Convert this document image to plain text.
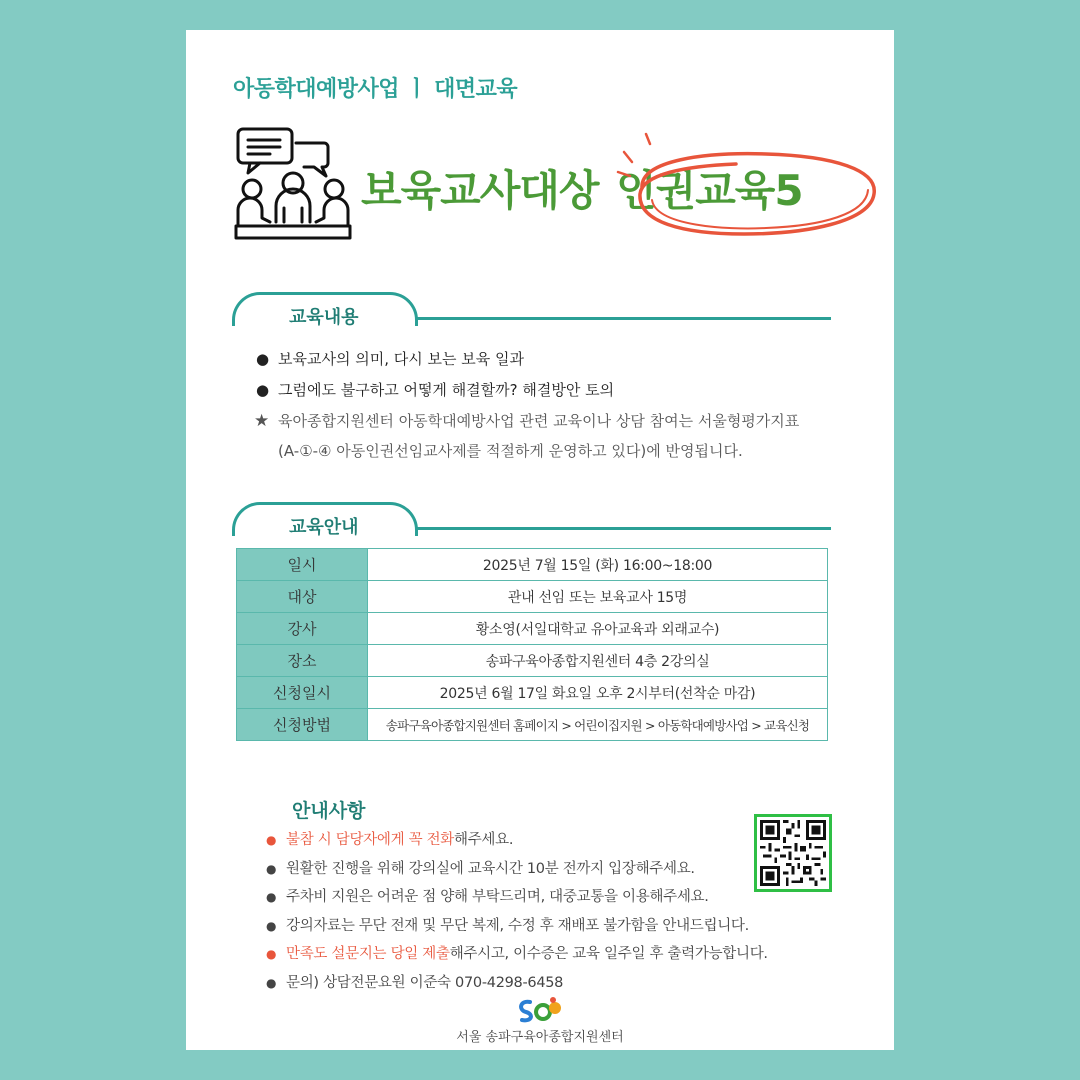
아동학대예방사업 ㅣ 대면교육
보육교사대상 인권교육5
교육내용
● 보육교사의 의미, 다시 보는 보육 일과
● 그럼에도 불구하고 어떻게 해결할까? 해결방안 토의
★ 육아종합지원센터 아동학대예방사업 관련 교육이나 상담 참여는 서울형평가지표
(A-①-④ 아동인권선임교사제를 적절하게 운영하고 있다)에 반영됩니다.
교육안내
일시	2025년 7월 15일 (화) 16:00~18:00
대상	관내 선임 또는 보육교사 15명
강사	황소영(서일대학교 유아교육과 외래교수)
장소	송파구육아종합지원센터 4층 2강의실
신청일시	2025년 6월 17일 화요일 오후 2시부터(선착순 마감)
신청방법	송파구육아종합지원센터 홈페이지 > 어린이집지원 > 아동학대예방사업 > 교육신청
안내사항
● 불참 시 담당자에게 꼭 전화해주세요.
● 원활한 진행을 위해 강의실에 교육시간 10분 전까지 입장해주세요.
● 주차비 지원은 어려운 점 양해 부탁드리며, 대중교통을 이용해주세요.
● 강의자료는 무단 전재 및 무단 복제, 수정 후 재배포 불가함을 안내드립니다.
● 만족도 설문지는 당일 제출해주시고, 이수증은 교육 일주일 후 출력가능합니다.
● 문의) 상담전문요원 이준숙 070-4298-6458
서울 송파구육아종합지원센터
